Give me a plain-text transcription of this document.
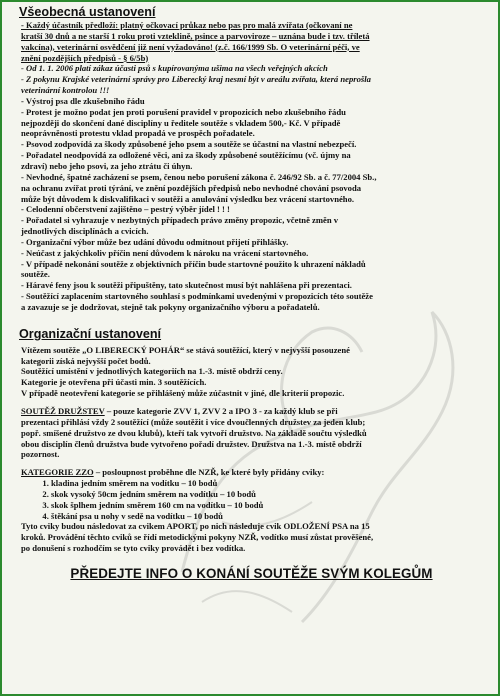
Všeobecná ustanovení

- Každý účastník předloží: platný očkovací průkaz nebo pas pro malá zvířata (očkovaní ne

kratší 30 dnů a ne starší 1 roku proti vzteklině, psince a parvoviroze – uznána bude i tzv. tříletá

vakcína), veterinární osvědčení již není vyžadováno! (z.č. 166/1999 Sb. O veterinární péči, ve

znění pozdějších předpisů - § 6/5b)

- Od 1. 1. 2006 platí zákaz účasti psů s kupírovanýma ušima na všech veřejných akcích

- Z pokynu Krajské veterinární správy pro Liberecký kraj nesmí být v areálu zvířata, která neprošla

veterinární kontrolou !!!

- Výstroj psa dle zkušebního řádu

- Protest je možno podat jen proti porušení pravidel v propozicích nebo zkušebního řádu

nejpozději do skončení dané disciplíny u ředitele soutěže s vkladem 500,- Kč. V případě

neoprávněnosti protestu vklad propadá ve prospěch pořadatele.

- Psovod zodpovídá za škody způsobené jeho psem a soutěže se účastní na vlastní nebezpečí.

- Pořadatel neodpovídá za odložené věci, ani za škody způsobené soutěžícímu (vč. újmy na

zdraví) nebo jeho psovi, za jeho ztrátu či úhyn.

- Nevhodné, špatné zacházení se psem, čenou nebo porušení zákona č. 246/92 Sb. a č. 77/2004 Sb.,

na ochranu zvířat proti týrání, ve znění pozdějších předpisů nebo nevhodné chování psovoda

může být důvodem k diskvalifikaci v soutěži a anulování výsledku bez vrácení startovného.

- Celodenní občerstvení zajištěno – pestrý výběr jídel ! ! !

- Pořadatel si vyhrazuje v nezbytných případech právo změny propozic, včetně změn v

jednotlivých disciplínách a cvicích.

- Organizační výbor může bez udání důvodu odmítnout přijetí přihlášky.

- Neúčast z jakýchkoliv příčin není důvodem k nároku na vrácení startovného.

- V případě nekonání soutěže z objektivních příčin bude startovné použito k uhrazení nákladů

soutěže.

- Háravé feny jsou k soutěži připuštěny, tato skutečnost musí být nahlášena při prezentaci.

- Soutěžící zaplacením startovného souhlasí s podmínkami uvedenými v propozicích této soutěže

a zavazuje se je dodržovat, stejně tak pokyny organizačního výboru a pořadatelů.

Organizační ustanovení

Vítězem soutěže „O LIBERECKÝ POHÁR“ se stává soutěžící, který v nejvyšší posouzené

kategorii získá nejvyšší počet bodů.

Soutěžící umístění v jednotlivých kategoriích na 1.-3. místě obdrží ceny.

Kategorie je otevřena při účasti min. 3 soutěžících.

V případě neotevření kategorie se přihlášený může zúčastnit v jiné, dle kriterií propozic.

SOUTĚŽ DRUŽSTEV – pouze kategorie ZVV 1, ZVV 2 a IPO 3 - za každý klub se při

prezentaci přihlásí vždy 2 soutěžící (může soutěžit i více dvoučlenných družstev za jeden klub;

popř. smíšené družstvo ze dvou klubů), kteří tak vytvoří družstvo. Na základě součtu výsledků

obou disciplín členů družstva bude vytvořeno pořadí družstev. Družstva na 1.-3. místě obdrží

pozornost.

KATEGORIE ZZO – posloupnost proběhne dle NZŘ, ke které byly přidány cviky:

1. kladina jedním směrem na vodítku – 10 bodů
2. skok vysoký 50cm jedním směrem na vodítku – 10 bodů
3. skok šplhem jedním směrem 160 cm na vodítku – 10 bodů
4. štěkání psa u nohy v sedě na vodítku – 10 bodů

Tyto cviky budou následovat za cvikem APORT, po nich následuje cvik ODLOŽENÍ PSA na 15

kroků. Provádění těchto cviků se řídí metodickými pokyny NZŘ, vodítko musí zůstat prověšené,

po donušení s rozhodčím se tyto cviky provádět i bez vodítka.

PŘEDEJTE INFO O KONÁNÍ SOUTĚŽE SVÝM KOLEGŮM
